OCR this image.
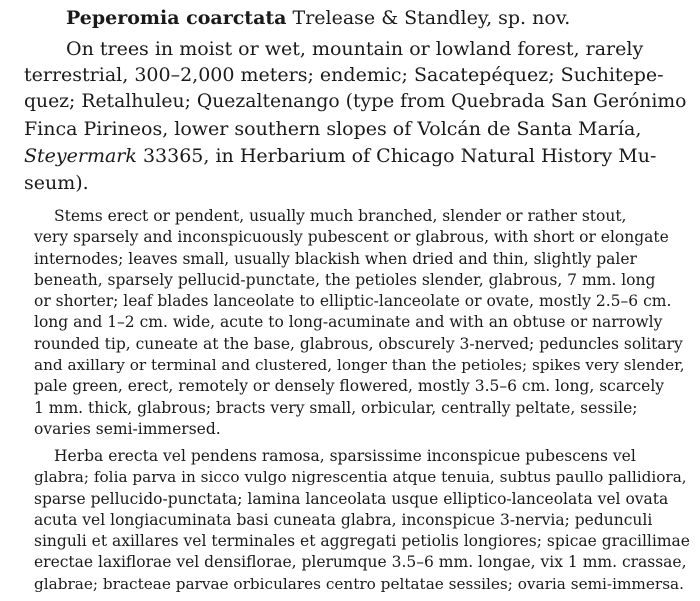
Peperomia coarctata Trelease & Standley, sp. nov.
On trees in moist or wet, mountain or lowland forest, rarely
terrestrial, 300–2,000 meters; endemic; Sacatepéquez; Suchitepe-
quez; Retalhuleu; Quezaltenango (type from Quebrada San Gerónimo
Finca Pirineos, lower southern slopes of Volcán de Santa María,
Steyermark 33365, in Herbarium of Chicago Natural History Mu-
seum).
Stems erect or pendent, usually much branched, slender or rather stout,
very sparsely and inconspicuously pubescent or glabrous, with short or elongate
internodes; leaves small, usually blackish when dried and thin, slightly paler
beneath, sparsely pellucid-punctate, the petioles slender, glabrous, 7 mm. long
or shorter; leaf blades lanceolate to elliptic-lanceolate or ovate, mostly 2.5–6 cm.
long and 1–2 cm. wide, acute to long-acuminate and with an obtuse or narrowly
rounded tip, cuneate at the base, glabrous, obscurely 3-nerved; peduncles solitary
and axillary or terminal and clustered, longer than the petioles; spikes very slender,
pale green, erect, remotely or densely flowered, mostly 3.5–6 cm. long, scarcely
1 mm. thick, glabrous; bracts very small, orbicular, centrally peltate, sessile;
ovaries semi-immersed.
Herba erecta vel pendens ramosa, sparsissime inconspicue pubescens vel
glabra; folia parva in sicco vulgo nigrescentia atque tenuia, subtus paullo pallidiora,
sparse pellucido-punctata; lamina lanceolata usque elliptico-lanceolata vel ovata
acuta vel longiacuminata basi cuneata glabra, inconspicue 3-nervia; pedunculi
singuli et axillares vel terminales et aggregati petiolis longiores; spicae gracillimae
erectae laxiflorae vel densiflorae, plerumque 3.5–6 mm. longae, vix 1 mm. crassae,
glabrae; bracteae parvae orbiculares centro peltatae sessiles; ovaria semi-immersa.
